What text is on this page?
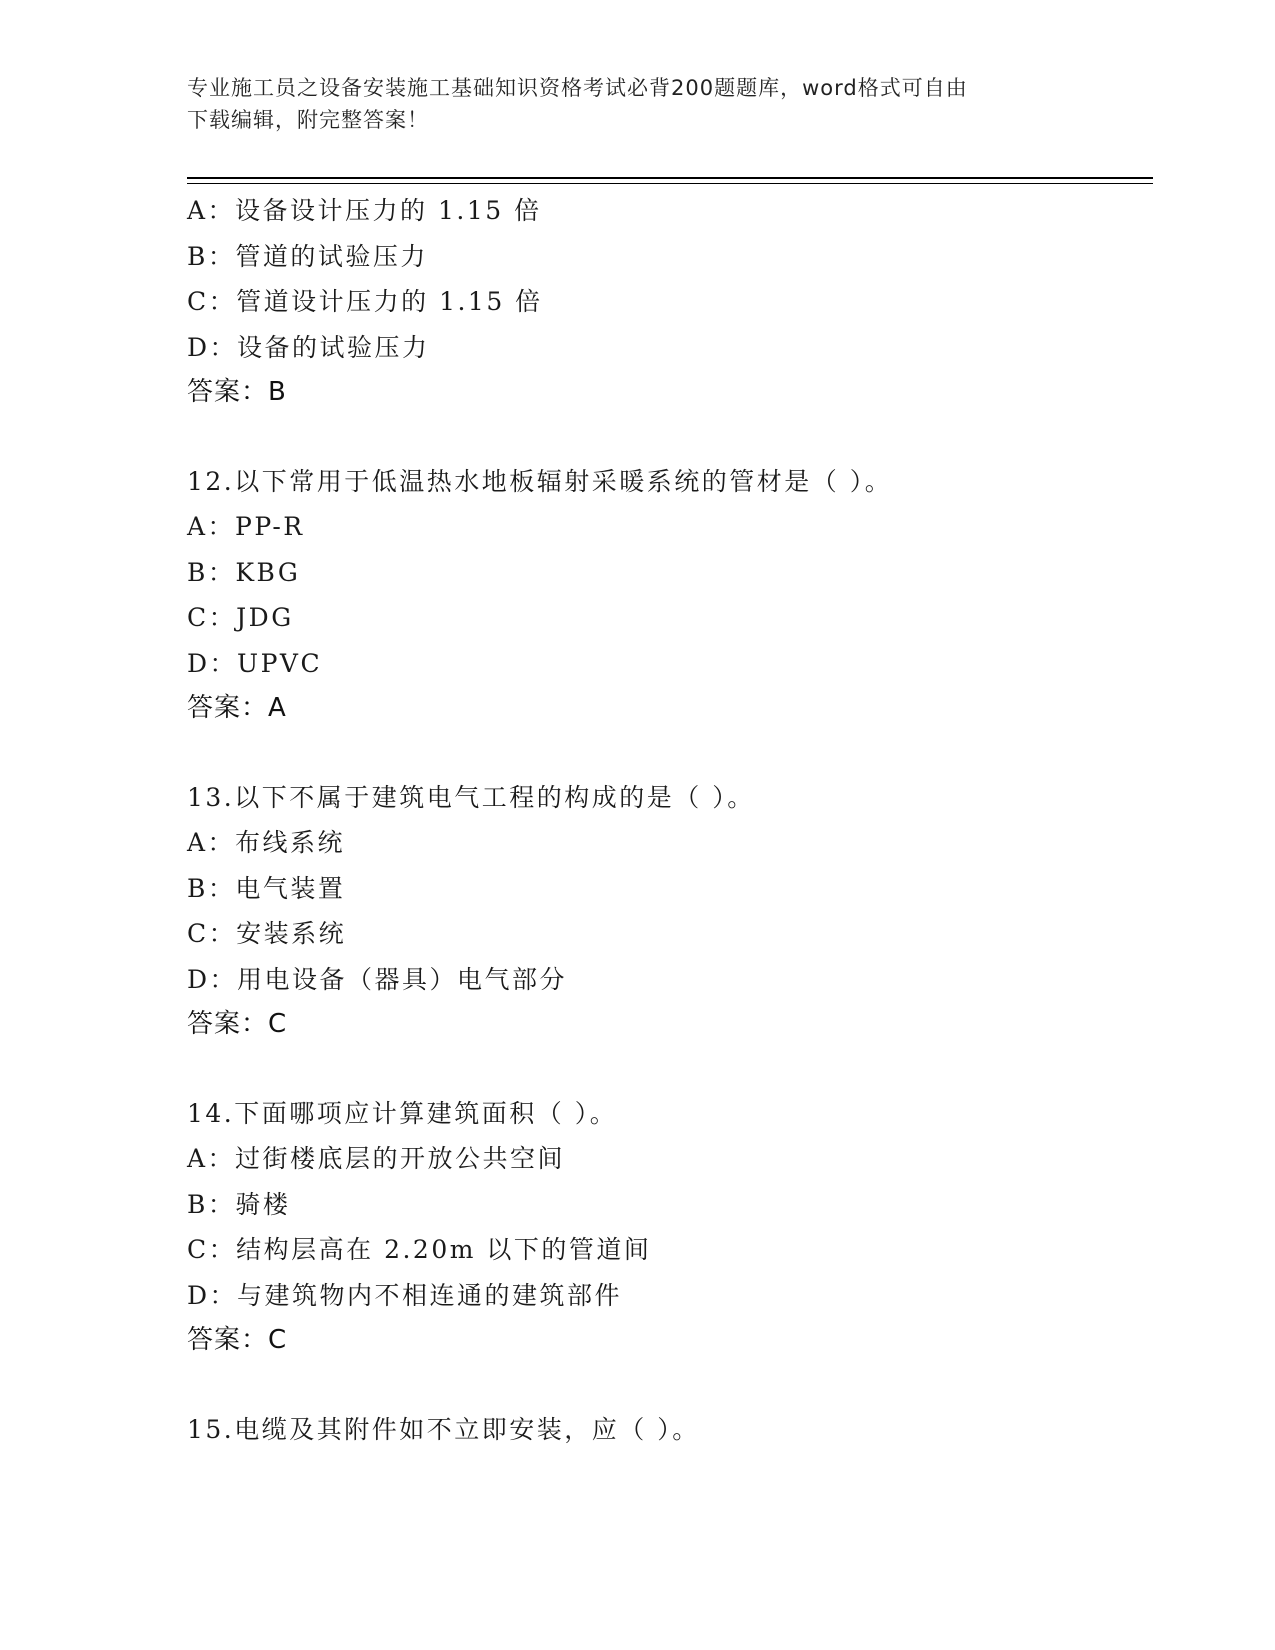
专业施工员之设备安装施工基础知识资格考试必背200题题库，word格式可自由
下载编辑，附完整答案！
A：设备设计压力的 1.15 倍
B：管道的试验压力
C：管道设计压力的 1.15 倍
D：设备的试验压力
答案：B
12.以下常用于低温热水地板辐射采暖系统的管材是（ ）。
A：PP-R
B：KBG
C：JDG
D：UPVC
答案：A
13.以下不属于建筑电气工程的构成的是（ ）。
A：布线系统
B：电气装置
C：安装系统
D：用电设备（器具）电气部分
答案：C
14.下面哪项应计算建筑面积（ ）。
A：过街楼底层的开放公共空间
B：骑楼
C：结构层高在 2.20m 以下的管道间
D：与建筑物内不相连通的建筑部件
答案：C
15.电缆及其附件如不立即安装，应（ ）。
